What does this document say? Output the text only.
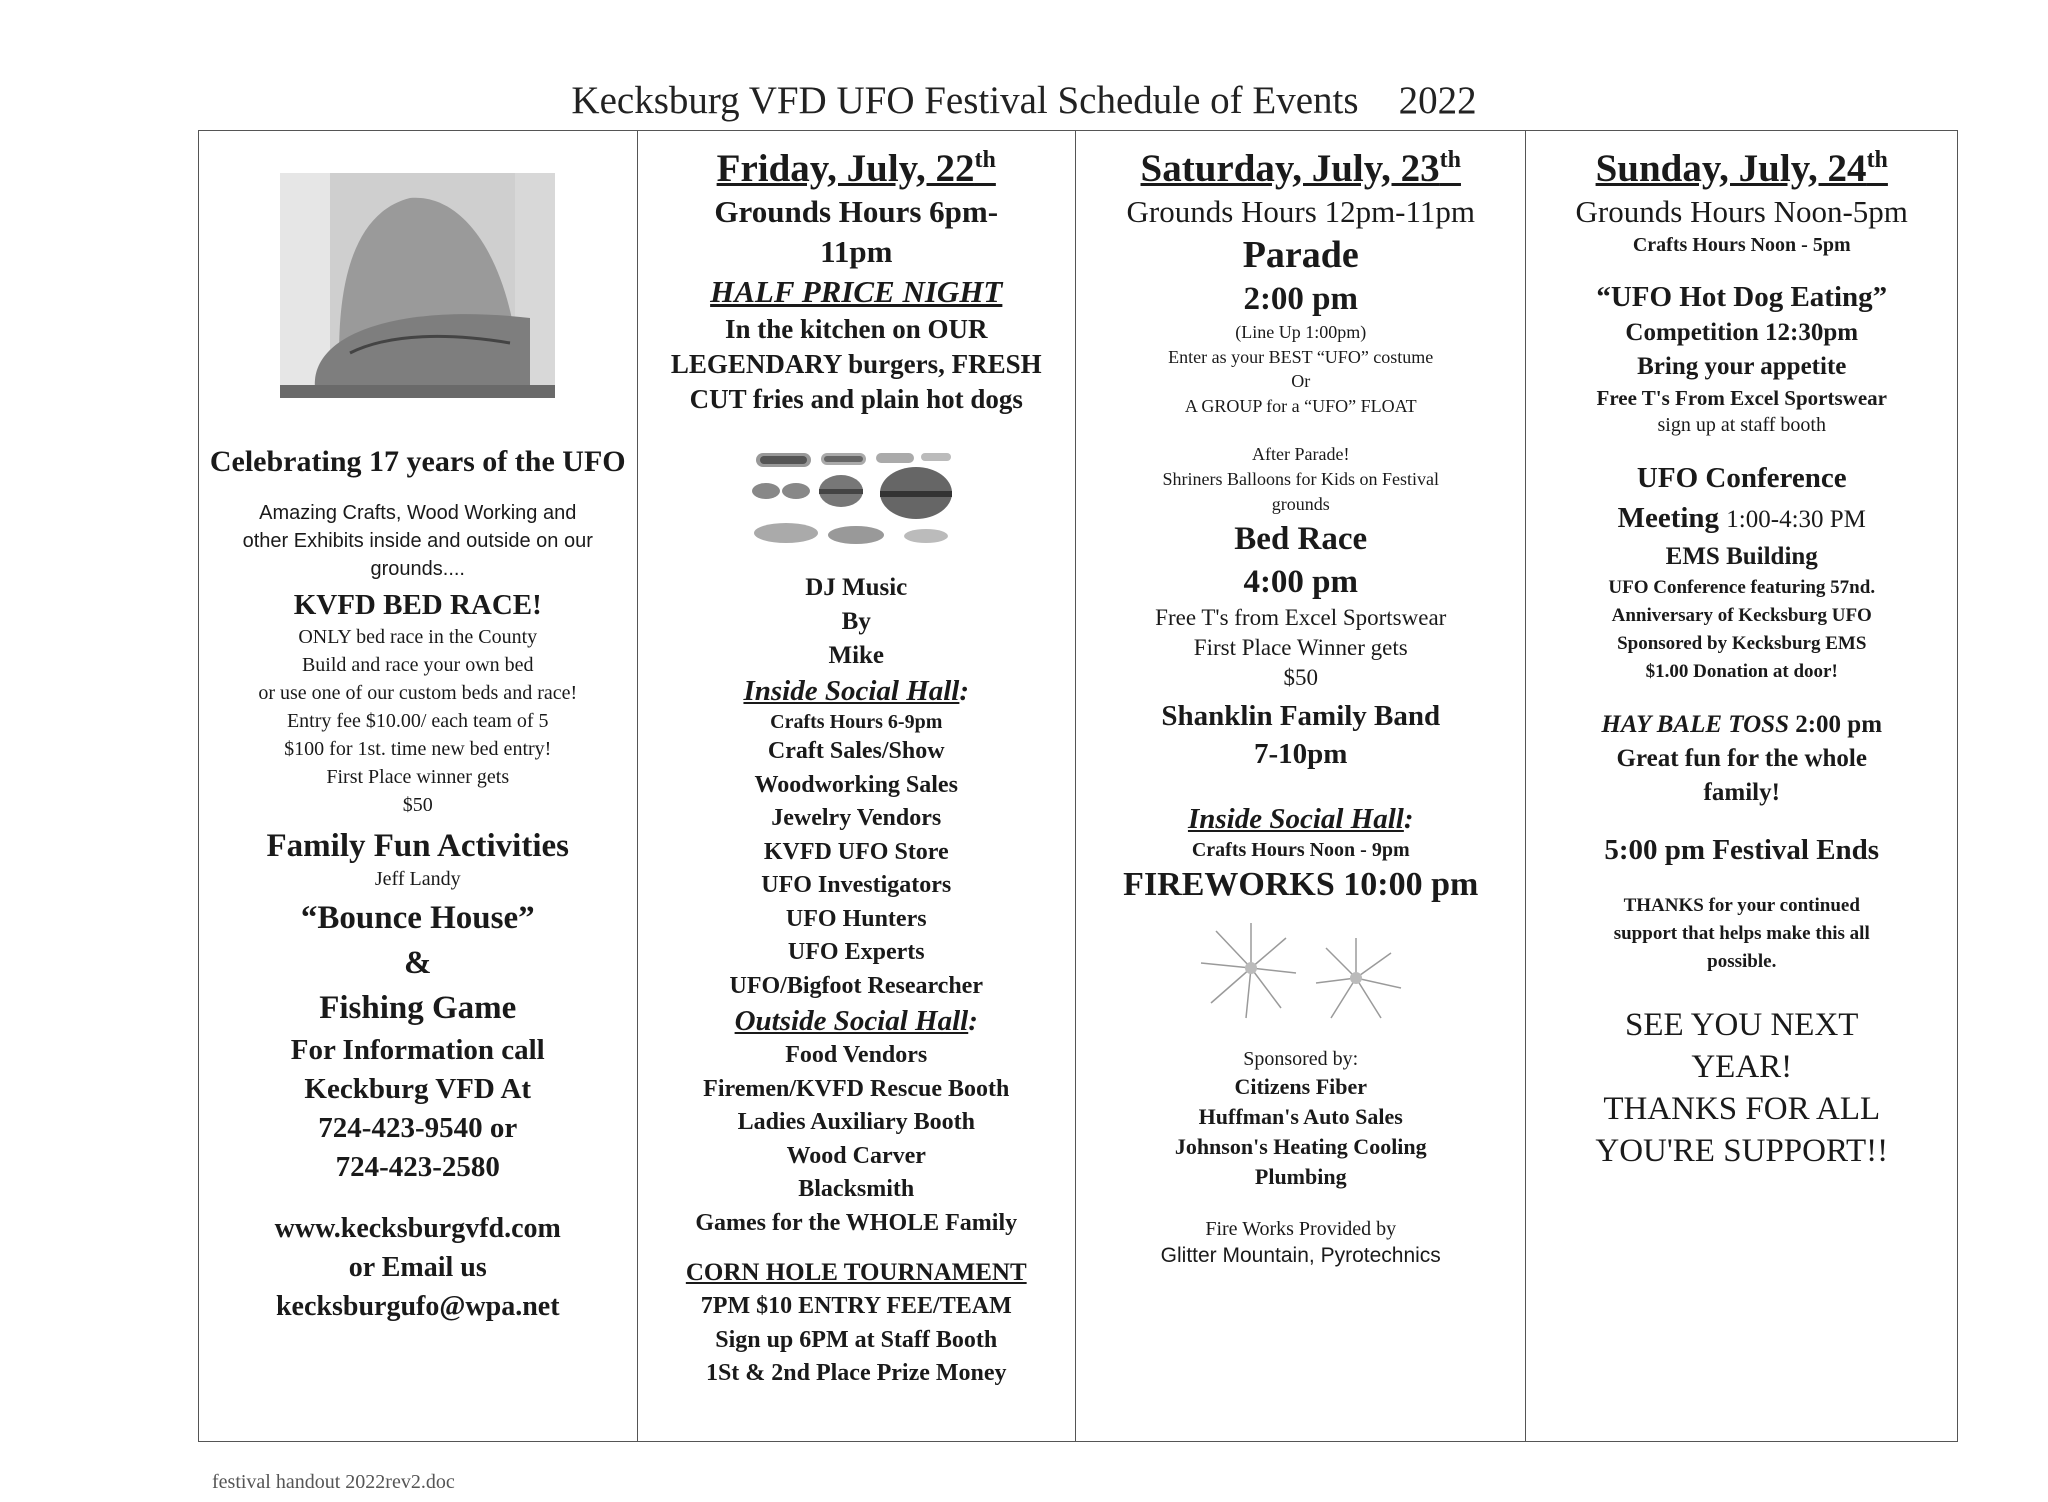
Kecksburg VFD UFO Festival Schedule of Events 2022

Celebrating 17 years of the UFO

Amazing Crafts, Wood Working and

other Exhibits inside and outside on our

grounds....

KVFD BED RACE!

ONLY bed race in the County

Build and race your own bed

or use one of our custom beds and race!

Entry fee $10.00/ each team of 5

$100 for 1st. time new bed entry!

First Place winner gets

$50

Family Fun Activities

Jeff Landy

“Bounce House”

&

Fishing Game

For Information call

Keckburg VFD At

724-423-9540 or

724-423-2580

www.kecksburgvfd.com

or Email us

kecksburgufo@wpa.net

Friday, July, 22th

Grounds Hours 6pm-

11pm

HALF PRICE NIGHT

In the kitchen on OUR

LEGENDARY burgers, FRESH

CUT fries and plain hot dogs

DJ Music

By

Mike

Inside Social Hall:

Crafts Hours 6-9pm

Craft Sales/Show

Woodworking Sales

Jewelry Vendors

KVFD UFO Store

UFO Investigators

UFO Hunters

UFO Experts

UFO/Bigfoot Researcher

Outside Social Hall:

Food Vendors

Firemen/KVFD Rescue Booth

Ladies Auxiliary Booth

Wood Carver

Blacksmith

Games for the WHOLE Family

CORN HOLE TOURNAMENT

7PM $10 ENTRY FEE/TEAM

Sign up 6PM at Staff Booth

1St & 2nd Place Prize Money

Saturday, July, 23th

Grounds Hours 12pm-11pm

Parade

2:00 pm

(Line Up 1:00pm)

Enter as your BEST “UFO” costume

Or

A GROUP for a “UFO” FLOAT

After Parade!

Shriners Balloons for Kids on Festival

grounds

Bed Race

4:00 pm

Free T's from Excel Sportswear

First Place Winner gets

$50

Shanklin Family Band

7-10pm

Inside Social Hall:

Crafts Hours Noon - 9pm

FIREWORKS 10:00 pm

Sponsored by:

Citizens Fiber

Huffman's Auto Sales

Johnson's Heating Cooling

Plumbing

Fire Works Provided by

Glitter Mountain, Pyrotechnics

Sunday, July, 24th

Grounds Hours Noon-5pm

Crafts Hours Noon - 5pm

“UFO Hot Dog Eating”

Competition 12:30pm

Bring your appetite

Free T's From Excel Sportswear

sign up at staff booth

UFO Conference

Meeting 1:00-4:30 PM

EMS Building

UFO Conference featuring 57nd.

Anniversary of Kecksburg UFO

Sponsored by Kecksburg EMS

$1.00 Donation at door!

HAY BALE TOSS 2:00 pm

Great fun for the whole

family!

5:00 pm Festival Ends

THANKS for your continued

support that helps make this all

possible.

SEE YOU NEXT

YEAR!

THANKS FOR ALL

YOU'RE SUPPORT!!

festival handout 2022rev2.doc
